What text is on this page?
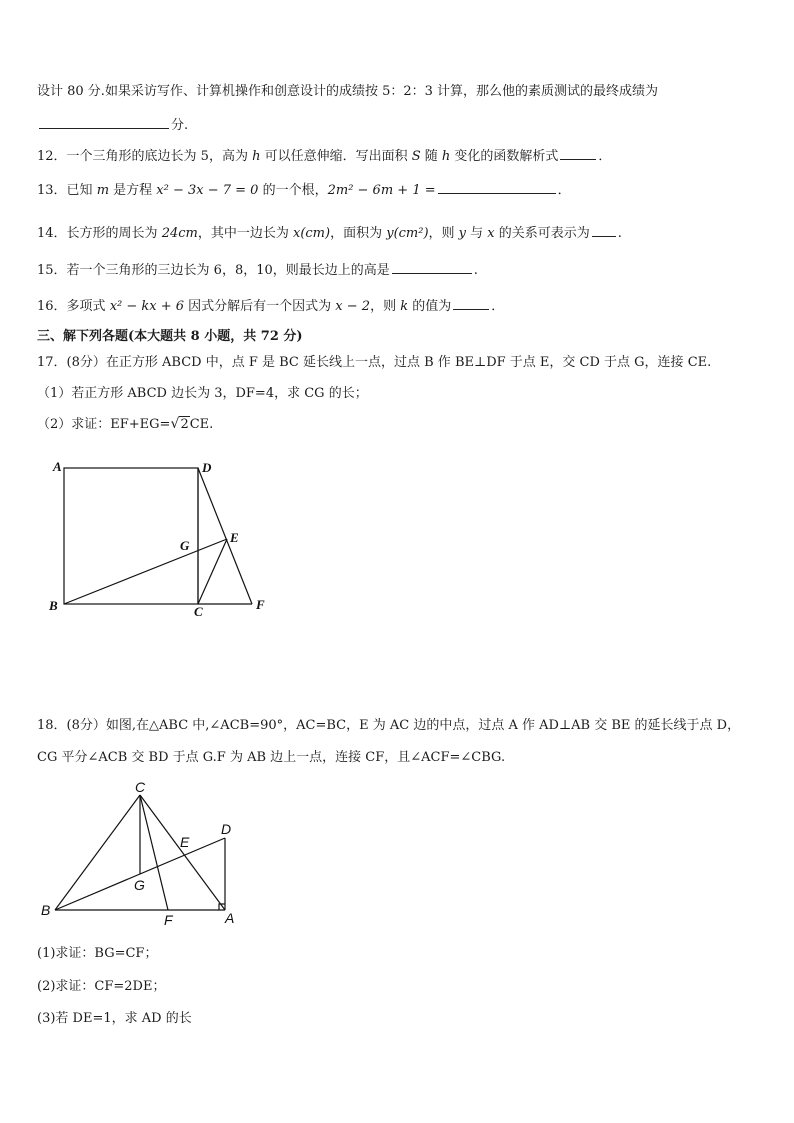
设计 80 分.如果采访写作、计算机操作和创意设计的成绩按 5：2：3 计算，那么他的素质测试的最终成绩为
分.
12．一个三角形的底边长为 5，高为 h 可以任意伸缩．写出面积 S 随 h 变化的函数解析式	．
13．已知 m 是方程 x² − 3x − 7 = 0 的一个根，2m² − 6m + 1 =	．
14．长方形的周长为 24cm，其中一边长为 x(cm)，面积为 y(cm²)，则 y 与 x 的关系可表示为 .
15．若一个三角形的三边长为 6，8，10，则最长边上的高是	.
16．多项式 x² − kx + 6 因式分解后有一个因式为 x − 2，则 k 的值为	．
三、解下列各题(本大题共 8 小题，共 72 分)
17．(8分）在正方形 ABCD 中，点 F 是 BC 延长线上一点，过点 B 作 BE⊥DF 于点 E，交 CD 于点 G，连接 CE.
（1）若正方形 ABCD 边长为 3，DF=4，求 CG 的长；
（2）求证：EF+EG= √ 2CE.
A	D
G
E
B	C	F
18．(8分）如图,在△ABC 中,∠ACB=90°，AC=BC，E 为 AC 边的中点，过点 A 作 AD⊥AB 交 BE 的延长线于点 D，
CG 平分∠ACB 交 BD 于点 G.F 为 AB 边上一点，连接 CF，且∠ACF=∠CBG.
C
D
E
G
B
F	A
(1)求证：BG=CF；
(2)求证：CF=2DE；
(3)若 DE=1，求 AD 的长
